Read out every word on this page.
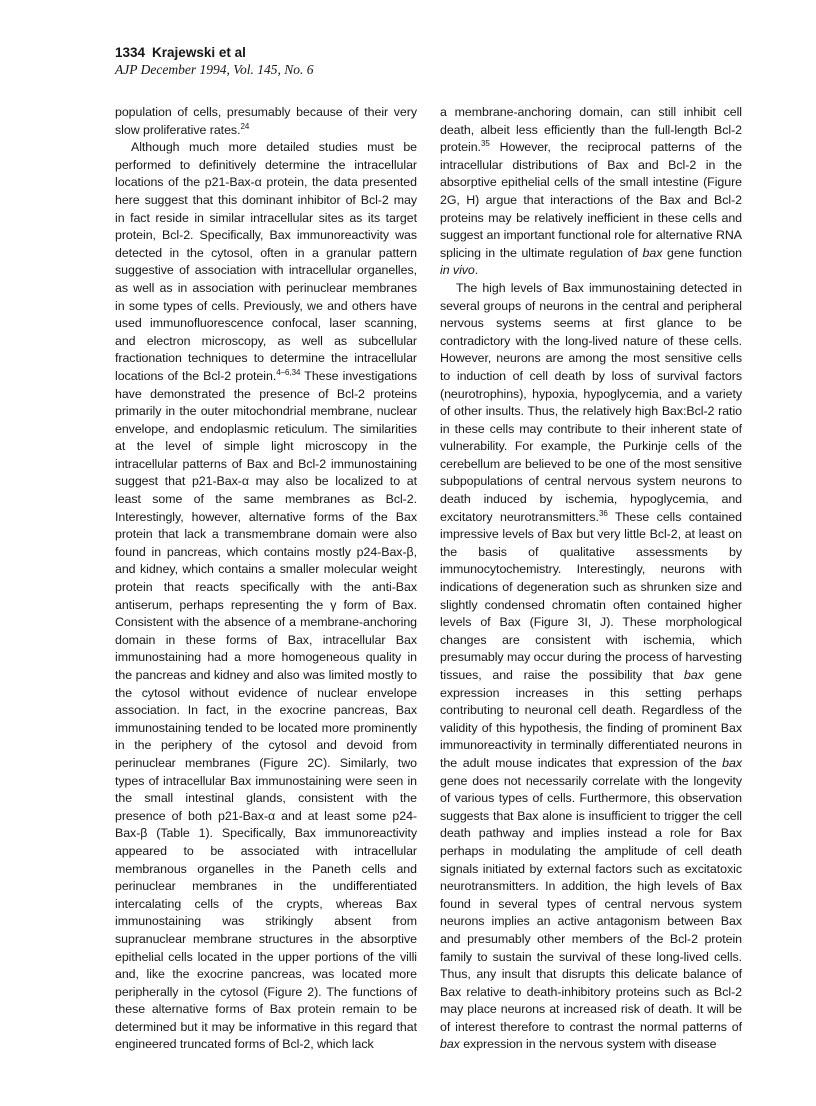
1334 Krajewski et al
AJP December 1994, Vol. 145, No. 6

population of cells, presumably because of their very slow proliferative rates.$^{24}$

Although much more detailed studies must be performed to definitively determine the intracellular locations of the p21-Bax-α protein, the data presented here suggest that this dominant inhibitor of Bcl-2 may in fact reside in similar intracellular sites as its target protein, Bcl-2. Specifically, Bax immunoreactivity was detected in the cytosol, often in a granular pattern suggestive of association with intracellular organelles, as well as in association with perinuclear membranes in some types of cells. Previously, we and others have used immunofluorescence confocal, laser scanning, and electron microscopy, as well as subcellular fractionation techniques to determine the intracellular locations of the Bcl-2 protein.$^{4-6,34}$ These investigations have demonstrated the presence of Bcl-2 proteins primarily in the outer mitochondrial membrane, nuclear envelope, and endoplasmic reticulum. The similarities at the level of simple light microscopy in the intracellular patterns of Bax and Bcl-2 immunostaining suggest that p21-Bax-α may also be localized to at least some of the same membranes as Bcl-2. Interestingly, however, alternative forms of the Bax protein that lack a transmembrane domain were also found in pancreas, which contains mostly p24-Bax-β, and kidney, which contains a smaller molecular weight protein that reacts specifically with the anti-Bax antiserum, perhaps representing the γ form of Bax. Consistent with the absence of a membrane-anchoring domain in these forms of Bax, intracellular Bax immunostaining had a more homogeneous quality in the pancreas and kidney and also was limited mostly to the cytosol without evidence of nuclear envelope association. In fact, in the exocrine pancreas, Bax immunostaining tended to be located more prominently in the periphery of the cytosol and devoid from perinuclear membranes (Figure 2C). Similarly, two types of intracellular Bax immunostaining were seen in the small intestinal glands, consistent with the presence of both p21-Bax-α and at least some p24-Bax-β (Table 1). Specifically, Bax immunoreactivity appeared to be associated with intracellular membranous organelles in the Paneth cells and perinuclear membranes in the undifferentiated intercalating cells of the crypts, whereas Bax immunostaining was strikingly absent from supranuclear membrane structures in the absorptive epithelial cells located in the upper portions of the villi and, like the exocrine pancreas, was located more peripherally in the cytosol (Figure 2). The functions of these alternative forms of Bax protein remain to be determined but it may be informative in this regard that engineered truncated forms of Bcl-2, which lack

a membrane-anchoring domain, can still inhibit cell death, albeit less efficiently than the full-length Bcl-2 protein.$^{35}$ However, the reciprocal patterns of the intracellular distributions of Bax and Bcl-2 in the absorptive epithelial cells of the small intestine (Figure 2G, H) argue that interactions of the Bax and Bcl-2 proteins may be relatively inefficient in these cells and suggest an important functional role for alternative RNA splicing in the ultimate regulation of bax gene function in vivo.

The high levels of Bax immunostaining detected in several groups of neurons in the central and peripheral nervous systems seems at first glance to be contradictory with the long-lived nature of these cells. However, neurons are among the most sensitive cells to induction of cell death by loss of survival factors (neurotrophins), hypoxia, hypoglycemia, and a variety of other insults. Thus, the relatively high Bax:Bcl-2 ratio in these cells may contribute to their inherent state of vulnerability. For example, the Purkinje cells of the cerebellum are believed to be one of the most sensitive subpopulations of central nervous system neurons to death induced by ischemia, hypoglycemia, and excitatory neurotransmitters.$^{36}$ These cells contained impressive levels of Bax but very little Bcl-2, at least on the basis of qualitative assessments by immunocytochemistry. Interestingly, neurons with indications of degeneration such as shrunken size and slightly condensed chromatin often contained higher levels of Bax (Figure 3I, J). These morphological changes are consistent with ischemia, which presumably may occur during the process of harvesting tissues, and raise the possibility that bax gene expression increases in this setting perhaps contributing to neuronal cell death. Regardless of the validity of this hypothesis, the finding of prominent Bax immunoreactivity in terminally differentiated neurons in the adult mouse indicates that expression of the bax gene does not necessarily correlate with the longevity of various types of cells. Furthermore, this observation suggests that Bax alone is insufficient to trigger the cell death pathway and implies instead a role for Bax perhaps in modulating the amplitude of cell death signals initiated by external factors such as excitatoxic neurotransmitters. In addition, the high levels of Bax found in several types of central nervous system neurons implies an active antagonism between Bax and presumably other members of the Bcl-2 protein family to sustain the survival of these long-lived cells. Thus, any insult that disrupts this delicate balance of Bax relative to death-inhibitory proteins such as Bcl-2 may place neurons at increased risk of death. It will be of interest therefore to contrast the normal patterns of bax expression in the nervous system with disease
